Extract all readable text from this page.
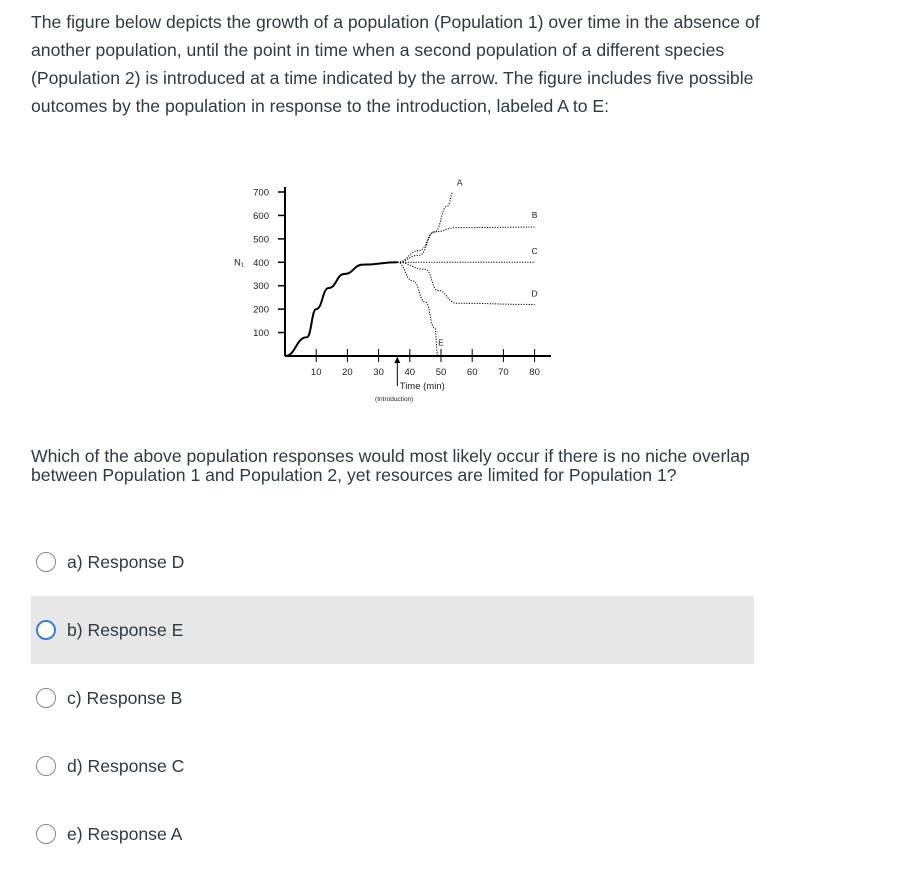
The figure below depicts the growth of a population (Population 1) over time in the absence of another population, until the point in time when a second population of a different species (Population 2) is introduced at a time indicated by the arrow. The figure includes five possible outcomes by the population in response to the introduction, labeled A to E:

100
200
300
400
500
600
700
N₁
10 20 30 40 50 60 70 80
Time (min)
(Introduction)
A
B
C
D
E

Which of the above population responses would most likely occur if there is no niche overlap between Population 1 and Population 2, yet resources are limited for Population 1?

a) Response D
b) Response E
c) Response B
d) Response C
e) Response A
